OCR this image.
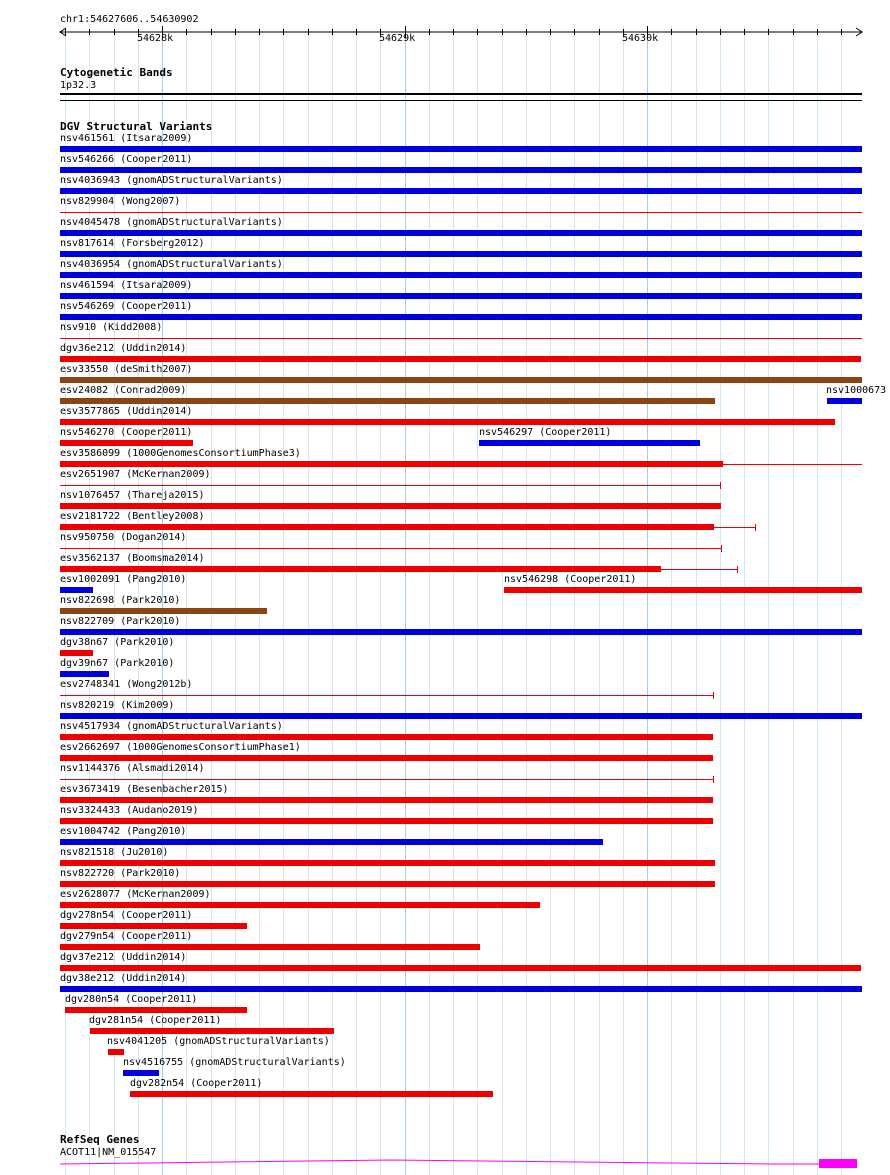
chr1:54627606..54630902
54628k	54629k	54630k
Cytogenetic Bands
1p32.3
DGV Structural Variants
nsv461561 (Itsara2009)
nsv546266 (Cooper2011)
nsv4036943 (gnomADStructuralVariants)
nsv829904 (Wong2007)
nsv4045478 (gnomADStructuralVariants)
nsv817614 (Forsberg2012)
nsv4036954 (gnomADStructuralVariants)
nsv461594 (Itsara2009)
nsv546269 (Cooper2011)
nsv910 (Kidd2008)
dgv36e212 (Uddin2014)
esv33550 (deSmith2007)
esv24082 (Conrad2009)	nsv1000673
esv3577865 (Uddin2014)
nsv546270 (Cooper2011)	nsv546297 (Cooper2011)
esv3586099 (1000GenomesConsortiumPhase3)
esv2651907 (McKernan2009)
nsv1076457 (Thareja2015)
esv2181722 (Bentley2008)
nsv950750 (Dogan2014)
esv3562137 (Boomsma2014)
esv1002091 (Pang2010)	nsv546298 (Cooper2011)
nsv822698 (Park2010)
nsv822709 (Park2010)
dgv38n67 (Park2010)
dgv39n67 (Park2010)
esv2748341 (Wong2012b)
nsv820219 (Kim2009)
nsv4517934 (gnomADStructuralVariants)
esv2662697 (1000GenomesConsortiumPhase1)
nsv1144376 (Alsmadi2014)
esv3673419 (Besenbacher2015)
nsv3324433 (Audano2019)
esv1004742 (Pang2010)
nsv821518 (Ju2010)
nsv822720 (Park2010)
esv2628077 (McKernan2009)
dgv278n54 (Cooper2011)
dgv279n54 (Cooper2011)
dgv37e212 (Uddin2014)
dgv38e212 (Uddin2014)
dgv280n54 (Cooper2011)
dgv281n54 (Cooper2011)
nsv4041205 (gnomADStructuralVariants)
nsv4516755 (gnomADStructuralVariants)
dgv282n54 (Cooper2011)
RefSeq Genes
ACOT11|NM_015547
